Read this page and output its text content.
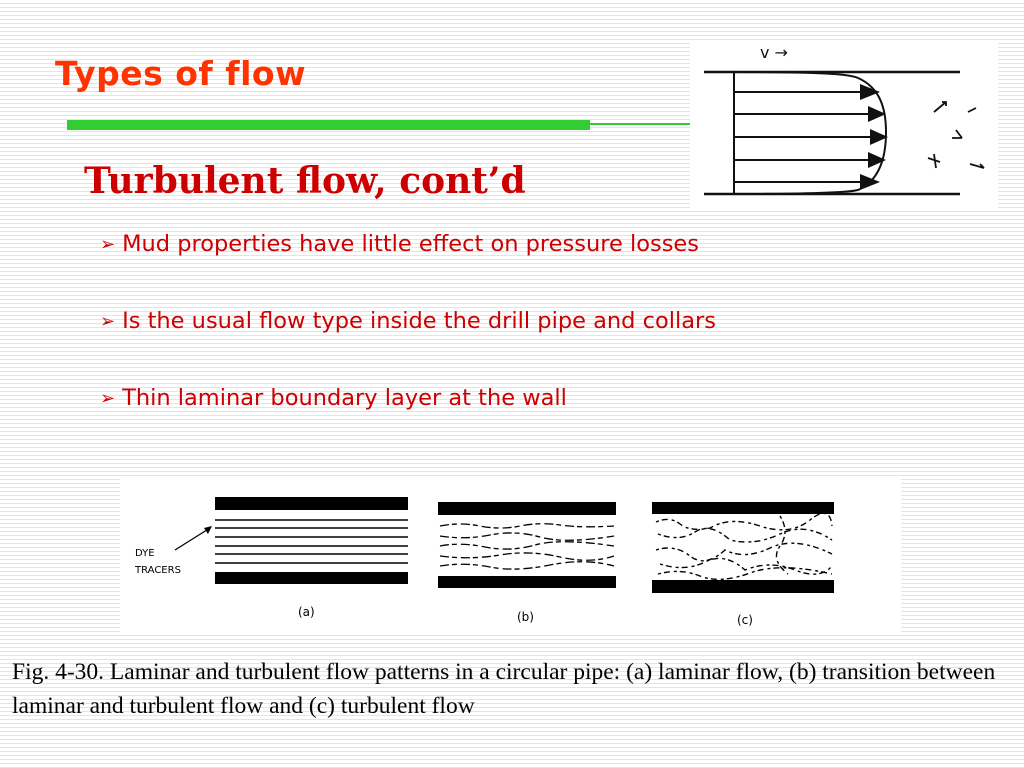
Types of flow
v →
Turbulent flow, cont’d
➢ Mud properties have little effect on pressure losses
➢ Is the usual flow type inside the drill pipe and collars
➢ Thin laminar boundary layer at the wall
DYE
TRACERS
(a)	(b)	(c)

Fig. 4-30. Laminar and turbulent flow patterns in a circular pipe: (a) laminar flow, (b) transition between laminar and turbulent flow and (c) turbulent flow
